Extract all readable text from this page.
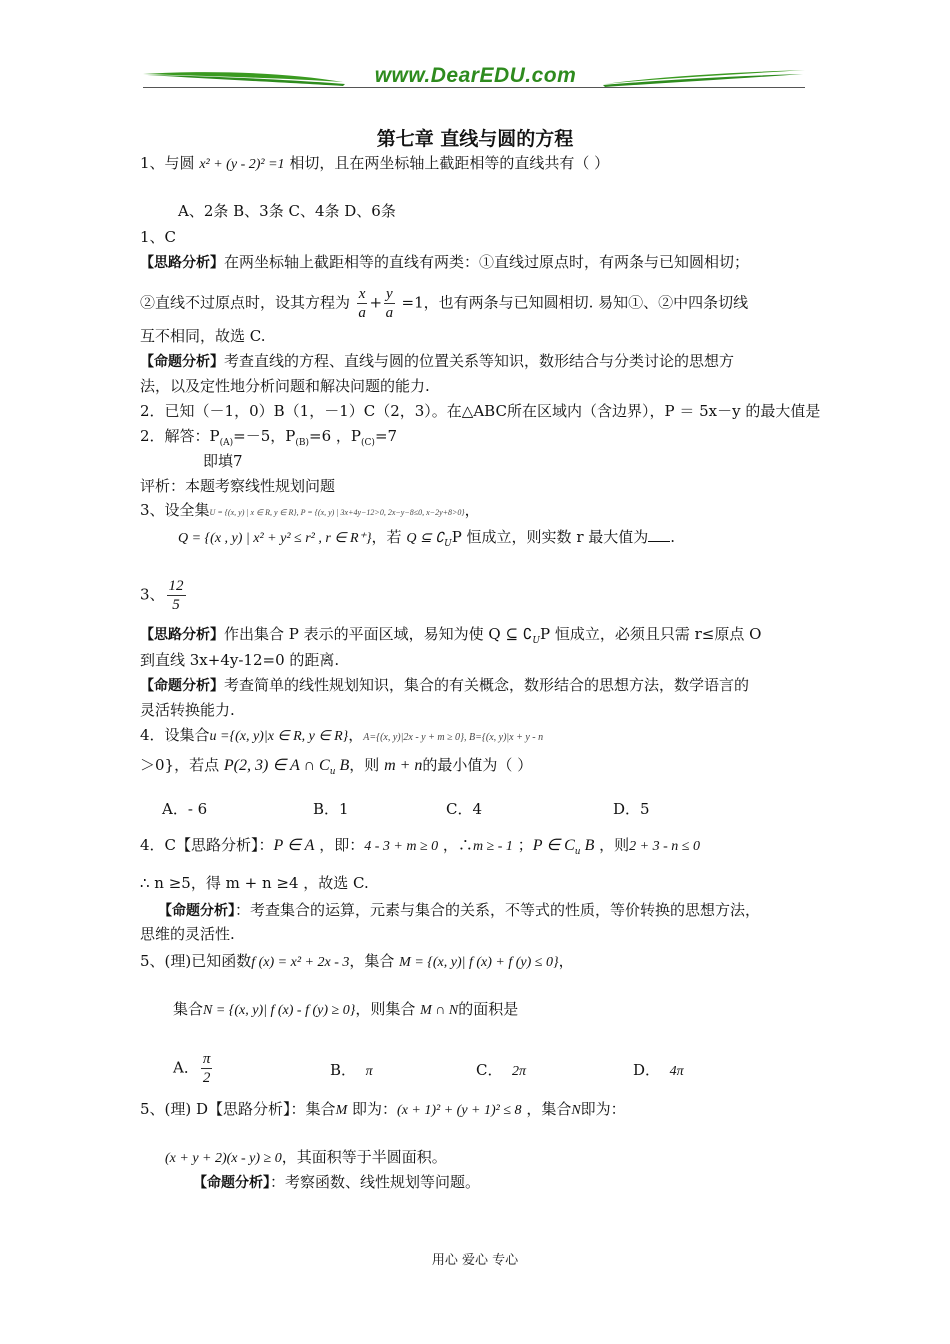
www.DearEDU.com
第七章 直线与圆的方程
1、与圆 x² + (y - 2)² =1 相切，且在两坐标轴上截距相等的直线共有（ ）
A、2条 B、3条 C、4条 D、6条
1、C
【思路分析】在两坐标轴上截距相等的直线有两类：①直线过原点时，有两条与已知圆相切；
②直线不过原点时，设其方程为 $\frac{x}{a} + \frac{y}{a} =1$，也有两条与已知圆相切. 易知①、②中四条切线
互不相同，故选 C.
【命题分析】考查直线的方程、直线与圆的位置关系等知识，数形结合与分类讨论的思想方
法，以及定性地分析问题和解决问题的能力.
2．已知（－1，0）B（1，－1）C（2，3）。在△ABC所在区域内（含边界），P ＝ 5x－y 的最大值是
2．解答：$P_{(A)}=-5$，$P_{(B)}=6$ ，$P_{(C)}=7$
即填7
评析：本题考察线性规划问题
3、设全集U = {(x, y) | x ∈ R, y ∈ R}, P = {(x, y) | 3x+4y−12>0, 2x−y−8≤0, x−2y+8>0}，
Q = {(x , y) | x² + y² ≤ r² , r ∈ R⁺}，若 Q ⊆ $∁_UP$ 恒成立，则实数 r 最大值为 .
3、 $\frac{12}{5}$
【思路分析】作出集合 P 表示的平面区域，易知为使 Q ⊆ $∁_UP$ 恒成立，必须且只需 r≤原点 O
到直线 3x+4y-12=0 的距离.
【命题分析】考查简单的线性规划知识，集合的有关概念，数形结合的思想方法，数学语言的
灵活转换能力.
4．设集合u ={(x, y)|x ∈ R, y ∈ R}，A={(x, y)|2x - y + m ≥ 0}, B={(x, y)|x + y - n
＞0}，若点 P(2, 3) ∈ A ∩ $C_u$ B，则 m + n的最小值为（ ）
A．- 6	B．1	C．4	D．5
4．C【思路分析】：P ∈ A ，即：4 - 3 + m ≥ 0 ，∴m ≥ - 1 ；P ∈ $C_u$ B ，则2 + 3 - n ≤ 0
∴ n ≥5，得 m + n ≥4 ，故选 C.
【命题分析】：考查集合的运算，元素与集合的关系，不等式的性质，等价转换的思想方法，
思维的灵活性.
5、(理)已知函数f (x) = x² + 2x - 3，集合 M = {(x, y)| f (x) + f (y) ≤ 0}，
集合N = {(x, y)| f (x) - f (y) ≥ 0}，则集合 M ∩ N的面积是
A． $\frac{\pi}{2}$	B． π	C． 2π	D． 4π
5、(理) D【思路分析】：集合M 即为：(x + 1)² + (y + 1)² ≤ 8 ，集合N即为：
(x + y + 2)(x - y) ≥ 0，其面积等于半圆面积。
【命题分析】：考察函数、线性规划等问题。
用心 爱心 专心
